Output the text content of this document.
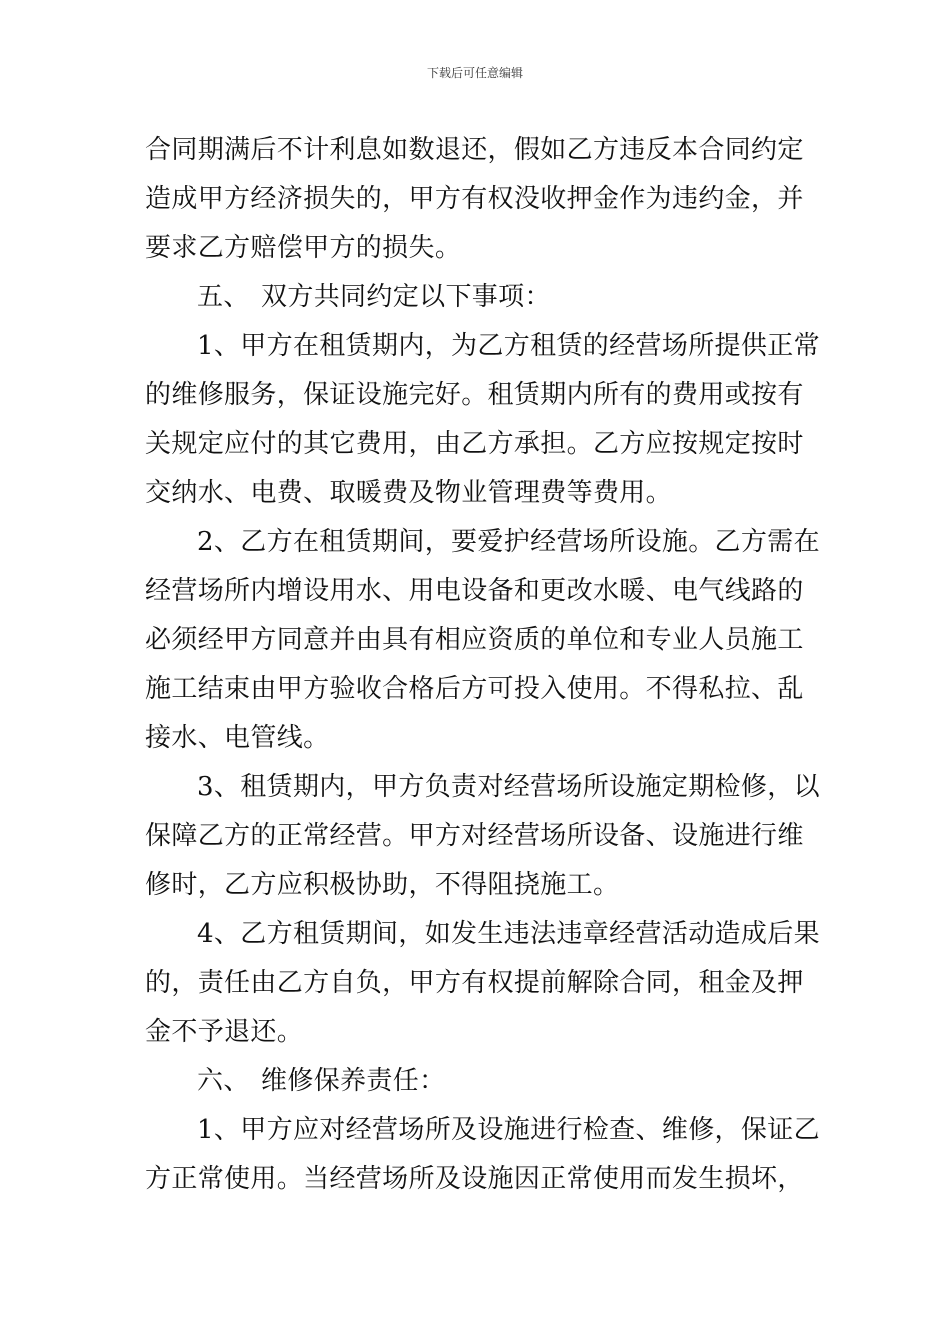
下载后可任意编辑
合同期满后不计利息如数退还，假如乙方违反本合同约定
造成甲方经济损失的，甲方有权没收押金作为违约金，并
要求乙方赔偿甲方的损失。
五、 双方共同约定以下事项：
1、甲方在租赁期内，为乙方租赁的经营场所提供正常
的维修服务，保证设施完好。租赁期内所有的费用或按有
关规定应付的其它费用，由乙方承担。乙方应按规定按时
交纳水、电费、取暖费及物业管理费等费用。
2、乙方在租赁期间，要爱护经营场所设施。乙方需在
经营场所内增设用水、用电设备和更改水暖、电气线路的
必须经甲方同意并由具有相应资质的单位和专业人员施工
施工结束由甲方验收合格后方可投入使用。不得私拉、乱
接水、电管线。
3、租赁期内，甲方负责对经营场所设施定期检修，以
保障乙方的正常经营。甲方对经营场所设备、设施进行维
修时，乙方应积极协助，不得阻挠施工。
4、乙方租赁期间，如发生违法违章经营活动造成后果
的，责任由乙方自负，甲方有权提前解除合同，租金及押
金不予退还。
六、 维修保养责任：
1、甲方应对经营场所及设施进行检查、维修，保证乙
方正常使用。当经营场所及设施因正常使用而发生损坏，
